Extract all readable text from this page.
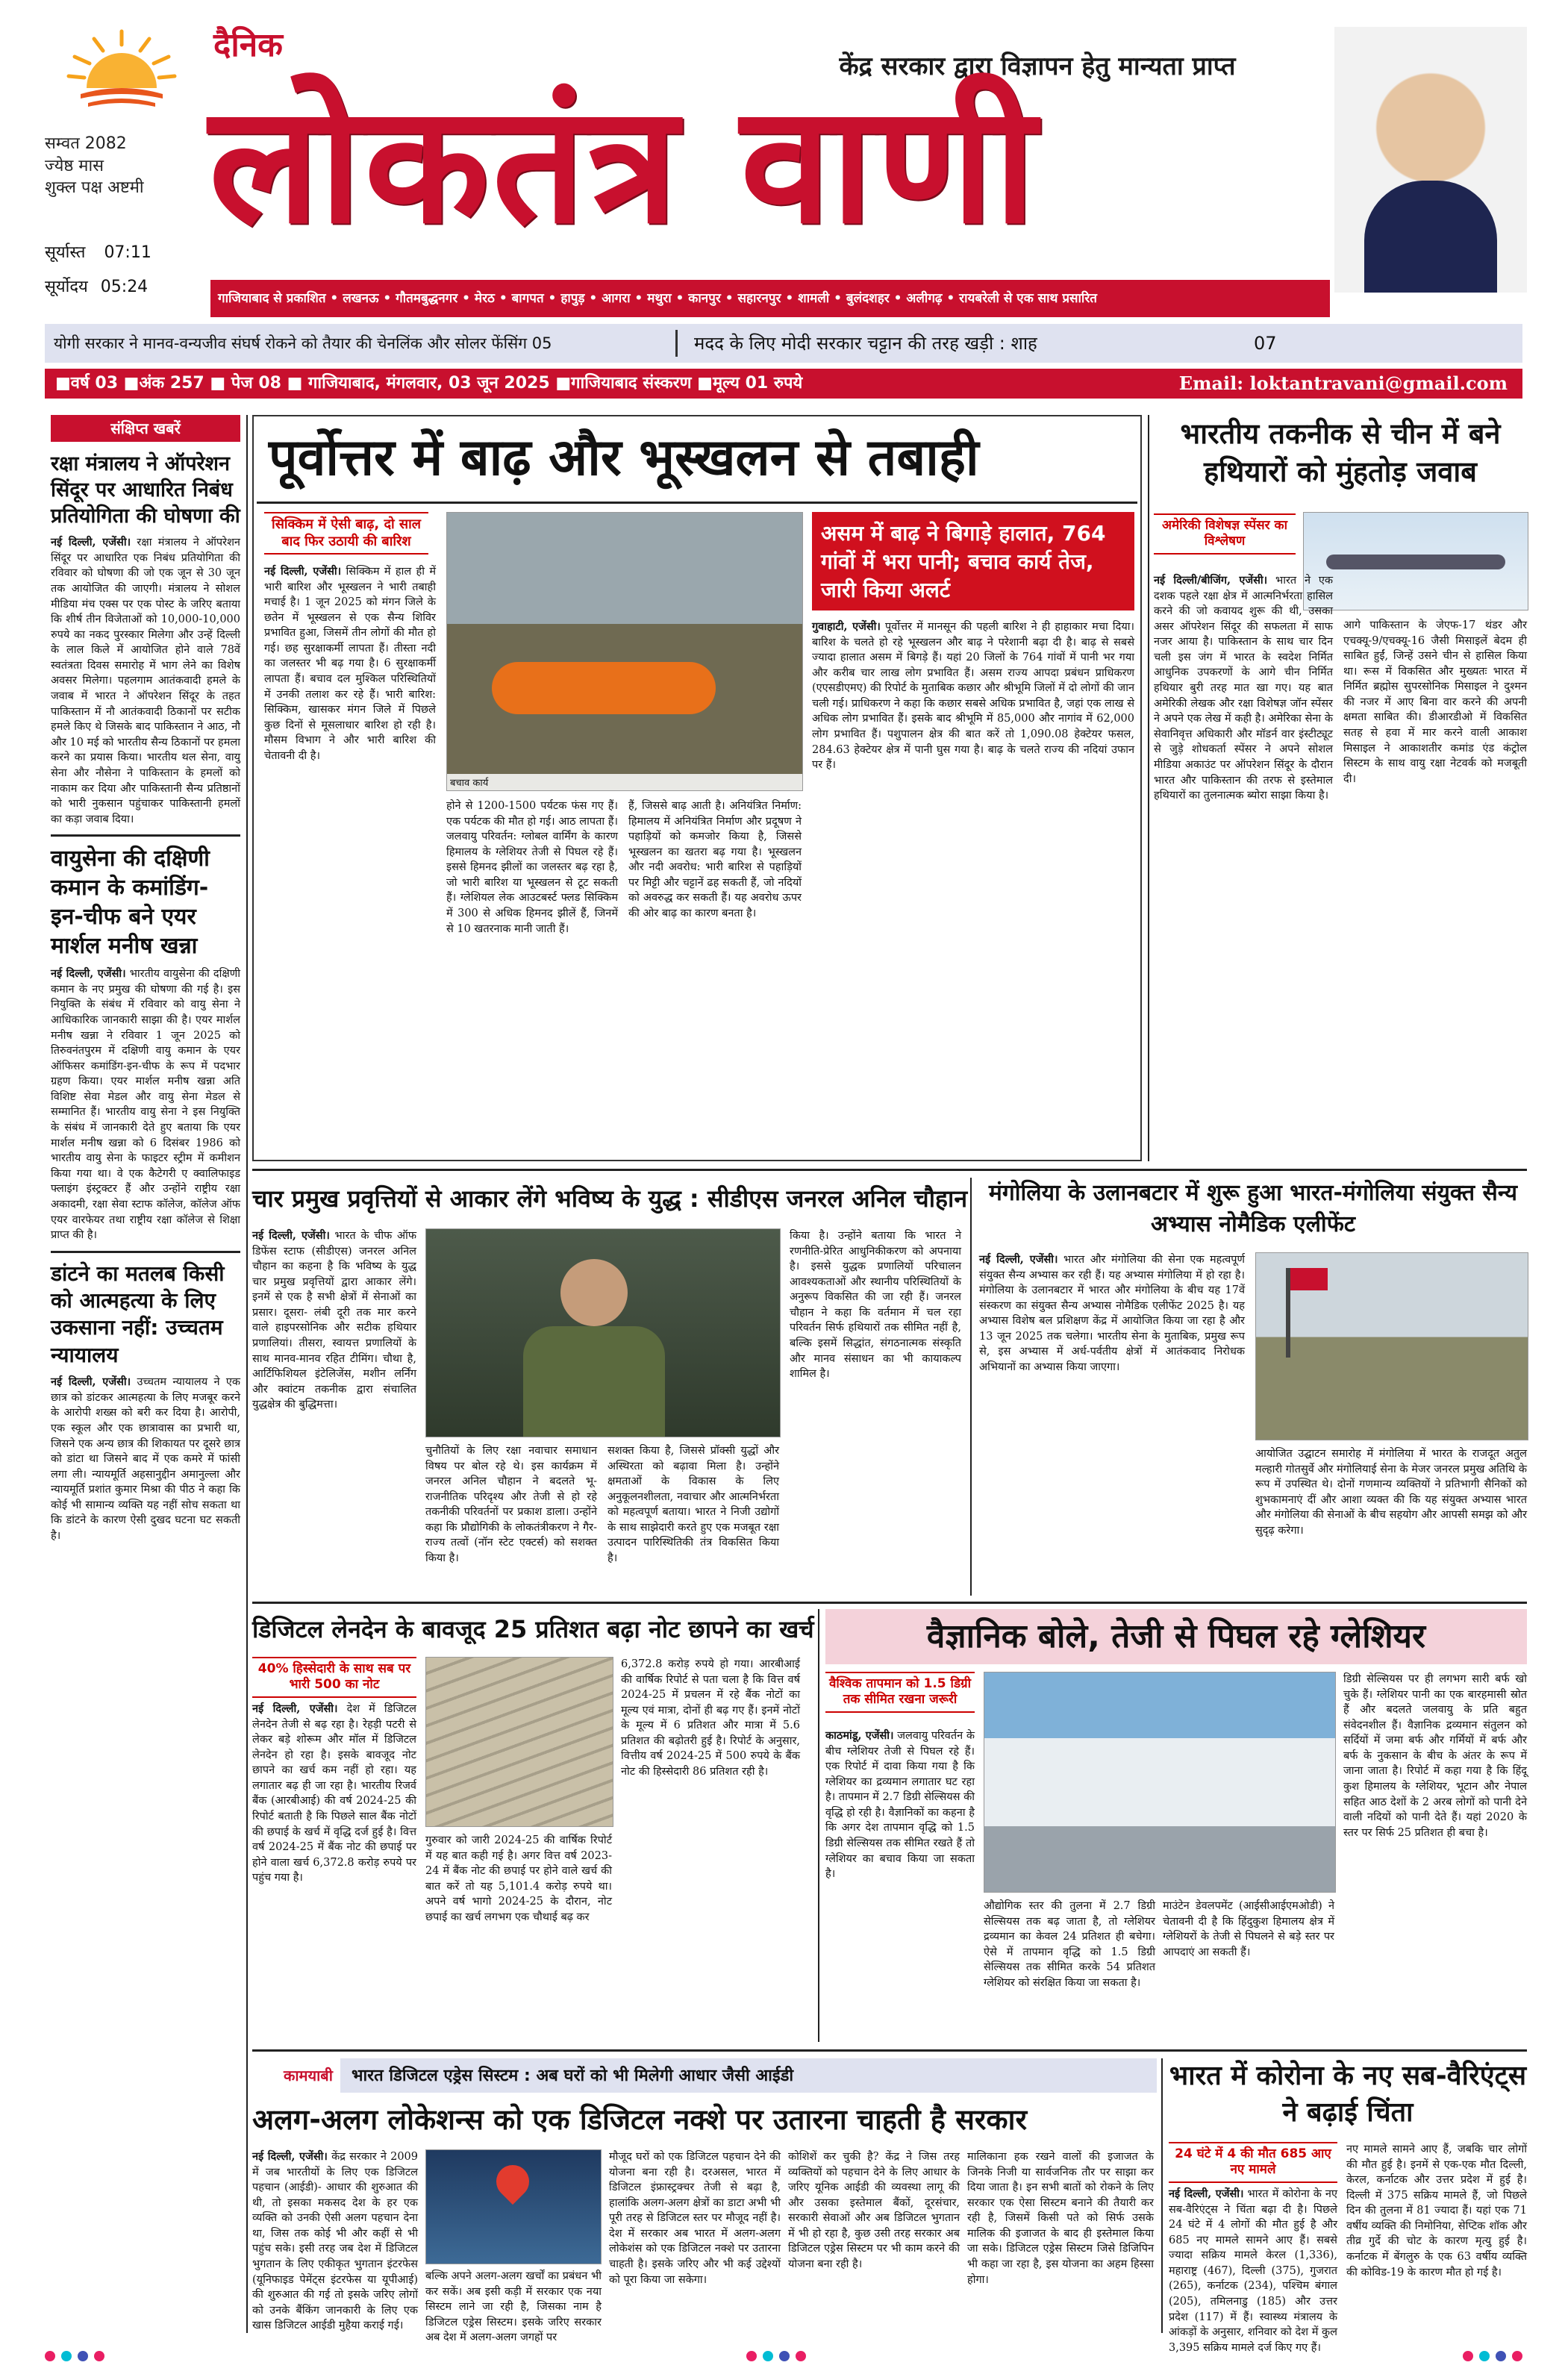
सम्वत 2082
ज्येष्ठ मास
शुक्ल पक्ष अष्टमी
सूर्यास्त 07:11
सूर्योदय 05:24
दैनिक
केंद्र सरकार द्वारा विज्ञापन हेतु मान्यता प्राप्त
लोकतंत्र वाणी
गाजियाबाद से प्रकाशित • लखनऊ • गौतमबुद्धनगर • मेरठ • बागपत • हापुड़ • आगरा • मथुरा • कानपुर • सहारनपुर • शामली • बुलंदशहर • अलीगढ़ • रायबरेली से एक साथ प्रसारित
योगी सरकार ने मानव-वन्यजीव संघर्ष रोकने को तैयार की चेनलिंक और सोलर फेंसिंग 05	मदद के लिए मोदी सरकार चट्टान की तरह खड़ी : शाह	07
■वर्ष 03 ■अंक 257 ■ पेज 08 ■ गाजियाबाद, मंगलवार, 03 जून 2025 ■गाजियाबाद संस्करण ■मूल्य 01 रुपये	Email: loktantravani@gmail.com
संक्षिप्त खबरें
रक्षा मंत्रालय ने ऑपरेशन सिंदूर पर आधारित निबंध प्रतियोगिता की घोषणा की
नई दिल्ली, एजेंसी। रक्षा मंत्रालय ने ऑपरेशन सिंदूर पर आधारित एक निबंध प्रतियोगिता की रविवार को घोषणा की जो एक जून से 30 जून तक आयोजित की जाएगी। मंत्रालय ने सोशल मीडिया मंच एक्स पर एक पोस्ट के जरिए बताया कि शीर्ष तीन विजेताओं को 10,000-10,000 रुपये का नकद पुरस्कार मिलेगा और उन्हें दिल्ली के लाल किले में आयोजित होने वाले 78वें स्वतंत्रता दिवस समारोह में भाग लेने का विशेष अवसर मिलेगा। पहलगाम आतंकवादी हमले के जवाब में भारत ने ऑपरेशन सिंदूर के तहत पाकिस्तान में नौ आतंकवादी ठिकानों पर सटीक हमले किए थे जिसके बाद पाकिस्तान ने आठ, नौ और 10 मई को भारतीय सैन्य ठिकानों पर हमला करने का प्रयास किया। भारतीय थल सेना, वायु सेना और नौसेना ने पाकिस्तान के हमलों को नाकाम कर दिया और पाकिस्तानी सैन्य प्रतिष्ठानों को भारी नुकसान पहुंचाकर पाकिस्तानी हमलों का कड़ा जवाब दिया।
वायुसेना की दक्षिणी कमान के कमांडिंग-इन-चीफ बने एयर मार्शल मनीष खन्ना
नई दिल्ली, एजेंसी। भारतीय वायुसेना की दक्षिणी कमान के नए प्रमुख की घोषणा की गई है। इस नियुक्ति के संबंध में रविवार को वायु सेना ने आधिकारिक जानकारी साझा की है। एयर मार्शल मनीष खन्ना ने रविवार 1 जून 2025 को तिरुवनंतपुरम में दक्षिणी वायु कमान के एयर ऑफिसर कमांडिंग-इन-चीफ के रूप में पदभार ग्रहण किया। एयर मार्शल मनीष खन्ना अति विशिष्ट सेवा मेडल और वायु सेना मेडल से सम्मानित हैं। भारतीय वायु सेना ने इस नियुक्ति के संबंध में जानकारी देते हुए बताया कि एयर मार्शल मनीष खन्ना को 6 दिसंबर 1986 को भारतीय वायु सेना के फाइटर स्ट्रीम में कमीशन किया गया था। वे एक कैटेगरी ए क्वालिफाइड फ्लाइंग इंस्ट्रक्टर हैं और उन्होंने राष्ट्रीय रक्षा अकादमी, रक्षा सेवा स्टाफ कॉलेज, कॉलेज ऑफ एयर वारफेयर तथा राष्ट्रीय रक्षा कॉलेज से शिक्षा प्राप्त की है।
डांटने का मतलब किसी को आत्महत्या के लिए उकसाना नहीं: उच्चतम न्यायालय
नई दिल्ली, एजेंसी। उच्चतम न्यायालय ने एक छात्र को डांटकर आत्महत्या के लिए मजबूर करने के आरोपी शख्स को बरी कर दिया है। आरोपी, एक स्कूल और एक छात्रावास का प्रभारी था, जिसने एक अन्य छात्र की शिकायत पर दूसरे छात्र को डांटा था जिसने बाद में एक कमरे में फांसी लगा ली। न्यायमूर्ति अहसानुद्दीन अमानुल्ला और न्यायमूर्ति प्रशांत कुमार मिश्रा की पीठ ने कहा कि कोई भी सामान्य व्यक्ति यह नहीं सोच सकता था कि डांटने के कारण ऐसी दुखद घटना घट सकती है।
पूर्वोत्तर में बाढ़ और भूस्खलन से तबाही
सिक्किम में ऐसी बाढ़, दो साल बाद फिर उठायी की बारिश
नई दिल्ली, एजेंसी। सिक्किम में हाल ही में भारी बारिश और भूस्खलन ने भारी तबाही मचाई है। 1 जून 2025 को मंगन जिले के छतेन में भूस्खलन से एक सैन्य शिविर प्रभावित हुआ, जिसमें तीन लोगों की मौत हो गई। छह सुरक्षाकर्मी लापता हैं। तीस्ता नदी का जलस्तर भी बढ़ गया है। 6 सुरक्षाकर्मी लापता हैं। बचाव दल मुश्किल परिस्थितियों में उनकी तलाश कर रहे हैं। भारी बारिश: सिक्किम, खासकर मंगन जिले में पिछले कुछ दिनों से मूसलाधार बारिश हो रही है। मौसम विभाग ने और भारी बारिश की चेतावनी दी है।
बचाव कार्य
होने से 1200-1500 पर्यटक फंस गए हैं। एक पर्यटक की मौत हो गई। आठ लापता हैं। जलवायु परिवर्तन: ग्लोबल वार्मिंग के कारण हिमालय के ग्लेशियर तेजी से पिघल रहे हैं। इससे हिमनद झीलों का जलस्तर बढ़ रहा है, जो भारी बारिश या भूस्खलन से टूट सकती हैं। ग्लेशियल लेक आउटबर्स्ट फ्लड सिक्किम में 300 से अधिक हिमनद झीलें हैं, जिनमें से 10 खतरनाक मानी जाती हैं।
हैं, जिससे बाढ़ आती है। अनियंत्रित निर्माण: हिमालय में अनियंत्रित निर्माण और प्रदूषण ने पहाड़ियों को कमजोर किया है, जिससे भूस्खलन का खतरा बढ़ गया है। भूस्खलन और नदी अवरोध: भारी बारिश से पहाड़ियों पर मिट्टी और चट्टानें ढह सकती हैं, जो नदियों को अवरुद्ध कर सकती हैं। यह अवरोध ऊपर की ओर बाढ़ का कारण बनता है।
असम में बाढ़ ने बिगाड़े हालात, 764 गांवों में भरा पानी; बचाव कार्य तेज, जारी किया अलर्ट
गुवाहाटी, एजेंसी। पूर्वोत्तर में मानसून की पहली बारिश ने ही हाहाकार मचा दिया। बारिश के चलते हो रहे भूस्खलन और बाढ़ ने परेशानी बढ़ा दी है। बाढ़ से सबसे ज्यादा हालात असम में बिगड़े हैं। यहां 20 जिलों के 764 गांवों में पानी भर गया और करीब चार लाख लोग प्रभावित हैं। असम राज्य आपदा प्रबंधन प्राधिकरण (एएसडीएमए) की रिपोर्ट के मुताबिक कछार और श्रीभूमि जिलों में दो लोगों की जान चली गई। प्राधिकरण ने कहा कि कछार सबसे अधिक प्रभावित है, जहां एक लाख से अधिक लोग प्रभावित हैं। इसके बाद श्रीभूमि में 85,000 और नागांव में 62,000 लोग प्रभावित हैं। पशुपालन क्षेत्र की बात करें तो 1,090.08 हेक्टेयर फसल, 284.63 हेक्टेयर क्षेत्र में पानी घुस गया है। बाढ़ के चलते राज्य की नदियां उफान पर हैं।
भारतीय तकनीक से चीन में बने हथियारों को मुंहतोड़ जवाब
अमेरिकी विशेषज्ञ स्पेंसर का विश्लेषण
नई दिल्ली/बीजिंग, एजेंसी। भारत ने एक दशक पहले रक्षा क्षेत्र में आत्मनिर्भरता हासिल करने की जो कवायद शुरू की थी, उसका असर ऑपरेशन सिंदूर की सफलता में साफ नजर आया है। पाकिस्तान के साथ चार दिन चली इस जंग में भारत के स्वदेश निर्मित आधुनिक उपकरणों के आगे चीन निर्मित हथियार बुरी तरह मात खा गए। यह बात अमेरिकी लेखक और रक्षा विशेषज्ञ जॉन स्पेंसर ने अपने एक लेख में कही है। अमेरिका सेना के सेवानिवृत्त अधिकारी और मॉडर्न वार इंस्टीट्यूट से जुड़े शोधकर्ता स्पेंसर ने अपने सोशल मीडिया अकाउंट पर ऑपरेशन सिंदूर के दौरान भारत और पाकिस्तान की तरफ से इस्तेमाल हथियारों का तुलनात्मक ब्योरा साझा किया है।
आगे पाकिस्तान के जेएफ-17 थंडर और एचक्यू-9/एचक्यू-16 जैसी मिसाइलें बेदम ही साबित हुईं, जिन्हें उसने चीन से हासिल किया था। रूस में विकसित और मुख्यतः भारत में निर्मित ब्रह्मोस सुपरसोनिक मिसाइल ने दुश्मन की नजर में आए बिना वार करने की अपनी क्षमता साबित की। डीआरडीओ में विकसित सतह से हवा में मार करने वाली आकाश मिसाइल ने आकाशतीर कमांड एंड कंट्रोल सिस्टम के साथ वायु रक्षा नेटवर्क को मजबूती दी।
चार प्रमुख प्रवृत्तियों से आकार लेंगे भविष्य के युद्ध : सीडीएस जनरल अनिल चौहान
नई दिल्ली, एजेंसी। भारत के चीफ ऑफ डिफेंस स्टाफ (सीडीएस) जनरल अनिल चौहान का कहना है कि भविष्य के युद्ध चार प्रमुख प्रवृत्तियों द्वारा आकार लेंगे। इनमें से एक है सभी क्षेत्रों में सेनाओं का प्रसार। दूसरा- लंबी दूरी तक मार करने वाले हाइपरसोनिक और सटीक हथियार प्रणालियां। तीसरा, स्वायत्त प्रणालियों के साथ मानव-मानव रहित टीमिंग। चौथा है, आर्टिफिशियल इंटेलिजेंस, मशीन लर्निंग और क्वांटम तकनीक द्वारा संचालित युद्धक्षेत्र की बुद्धिमत्ता।
चुनौतियों के लिए रक्षा नवाचार समाधान विषय पर बोल रहे थे। इस कार्यक्रम में जनरल अनिल चौहान ने बदलते भू-राजनीतिक परिदृश्य और तेजी से हो रहे तकनीकी परिवर्तनों पर प्रकाश डाला। उन्होंने कहा कि प्रौद्योगिकी के लोकतंत्रीकरण ने गैर-राज्य तत्वों (नॉन स्टेट एक्टर्स) को सशक्त किया है।
सशक्त किया है, जिससे प्रॉक्सी युद्धों और अस्थिरता को बढ़ावा मिला है। उन्होंने क्षमताओं के विकास के लिए अनुकूलनशीलता, नवाचार और आत्मनिर्भरता को महत्वपूर्ण बताया। भारत ने निजी उद्योगों के साथ साझेदारी करते हुए एक मजबूत रक्षा उत्पादन पारिस्थितिकी तंत्र विकसित किया है।
किया है। उन्होंने बताया कि भारत ने रणनीति-प्रेरित आधुनिकीकरण को अपनाया है। इससे युद्धक प्रणालियों परिचालन आवश्यकताओं और स्थानीय परिस्थितियों के अनुरूप विकसित की जा रही हैं। जनरल चौहान ने कहा कि वर्तमान में चल रहा परिवर्तन सिर्फ हथियारों तक सीमित नहीं है, बल्कि इसमें सिद्धांत, संगठनात्मक संस्कृति और मानव संसाधन का भी कायाकल्प शामिल है।
मंगोलिया के उलानबटार में शुरू हुआ भारत-मंगोलिया संयुक्त सैन्य अभ्यास नोमैडिक एलीफेंट
नई दिल्ली, एजेंसी। भारत और मंगोलिया की सेना एक महत्वपूर्ण संयुक्त सैन्य अभ्यास कर रही हैं। यह अभ्यास मंगोलिया में हो रहा है। मंगोलिया के उलानबटार में भारत और मंगोलिया के बीच यह 17वें संस्करण का संयुक्त सैन्य अभ्यास नोमैडिक एलीफेंट 2025 है। यह अभ्यास विशेष बल प्रशिक्षण केंद्र में आयोजित किया जा रहा है और 13 जून 2025 तक चलेगा। भारतीय सेना के मुताबिक, प्रमुख रूप से, इस अभ्यास में अर्ध-पर्वतीय क्षेत्रों में आतंकवाद निरोधक अभियानों का अभ्यास किया जाएगा।
आयोजित उद्घाटन समारोह में मंगोलिया में भारत के राजदूत अतुल मल्हारी गोतसुर्वे और मंगोलियाई सेना के मेजर जनरल प्रमुख अतिथि के रूप में उपस्थित थे। दोनों गणमान्य व्यक्तियों ने प्रतिभागी सैनिकों को शुभकामनाएं दीं और आशा व्यक्त की कि यह संयुक्त अभ्यास भारत और मंगोलिया की सेनाओं के बीच सहयोग और आपसी समझ को और सुदृढ़ करेगा।
डिजिटल लेनदेन के बावजूद 25 प्रतिशत बढ़ा नोट छापने का खर्च
40% हिस्सेदारी के साथ सब पर भारी 500 का नोट
नई दिल्ली, एजेंसी। देश में डिजिटल लेनदेन तेजी से बढ़ रहा है। रेहड़ी पटरी से लेकर बड़े शोरूम और मॉल में डिजिटल लेनदेन हो रहा है। इसके बावजूद नोट छापने का खर्च कम नहीं हो रहा। यह लगातार बढ़ ही जा रहा है। भारतीय रिजर्व बैंक (आरबीआई) की वर्ष 2024-25 की रिपोर्ट बताती है कि पिछले साल बैंक नोटों की छपाई के खर्च में वृद्धि दर्ज हुई है। वित्त वर्ष 2024-25 में बैंक नोट की छपाई पर होने वाला खर्च 6,372.8 करोड़ रुपये पर पहुंच गया है।
गुरुवार को जारी 2024-25 की वार्षिक रिपोर्ट में यह बात कही गई है। अगर वित्त वर्ष 2023-24 में बैंक नोट की छपाई पर होने वाले खर्च की बात करें तो यह 5,101.4 करोड़ रुपये था। अपने वर्ष भागो 2024-25 के दौरान, नोट छपाई का खर्च लगभग एक चौथाई बढ़ कर
6,372.8 करोड़ रुपये हो गया। आरबीआई की वार्षिक रिपोर्ट से पता चला है कि वित्त वर्ष 2024-25 में प्रचलन में रहे बैंक नोटों का मूल्य एवं मात्रा, दोनों ही बढ़ गए हैं। इनमें नोटों के मूल्य में 6 प्रतिशत और मात्रा में 5.6 प्रतिशत की बढ़ोतरी हुई है। रिपोर्ट के अनुसार, वित्तीय वर्ष 2024-25 में 500 रुपये के बैंक नोट की हिस्सेदारी 86 प्रतिशत रही है।
वैज्ञानिक बोले, तेजी से पिघल रहे ग्लेशियर
वैश्विक तापमान को 1.5 डिग्री तक सीमित रखना जरूरी
काठमांडू, एजेंसी। जलवायु परिवर्तन के बीच ग्लेशियर तेजी से पिघल रहे हैं। एक रिपोर्ट में दावा किया गया है कि ग्लेशियर का द्रव्यमान लगातार घट रहा है। तापमान में 2.7 डिग्री सेल्सियस की वृद्धि हो रही है। वैज्ञानिकों का कहना है कि अगर देश तापमान वृद्धि को 1.5 डिग्री सेल्सियस तक सीमित रखते हैं तो ग्लेशियर का बचाव किया जा सकता है।
औद्योगिक स्तर की तुलना में 2.7 डिग्री सेल्सियस तक बढ़ जाता है, तो ग्लेशियर द्रव्यमान का केवल 24 प्रतिशत ही बचेगा। ऐसे में तापमान वृद्धि को 1.5 डिग्री सेल्सियस तक सीमित करके 54 प्रतिशत ग्लेशियर को संरक्षित किया जा सकता है।
माउंटेन डेवलपमेंट (आईसीआईएमओडी) ने चेतावनी दी है कि हिंदुकुश हिमालय क्षेत्र में ग्लेशियरों के तेजी से पिघलने से बड़े स्तर पर आपदाएं आ सकती हैं।
डिग्री सेल्सियस पर ही लगभग सारी बर्फ खो चुके हैं। ग्लेशियर पानी का एक बारहमासी स्रोत हैं और बदलते जलवायु के प्रति बहुत संवेदनशील हैं। वैज्ञानिक द्रव्यमान संतुलन को सर्दियों में जमा बर्फ और गर्मियों में बर्फ और बर्फ के नुकसान के बीच के अंतर के रूप में जाना जाता है। रिपोर्ट में कहा गया है कि हिंदू कुश हिमालय के ग्लेशियर, भूटान और नेपाल सहित आठ देशों के 2 अरब लोगों को पानी देने वाली नदियों को पानी देते हैं। यहां 2020 के स्तर पर सिर्फ 25 प्रतिशत ही बचा है।
कामयाबी भारत डिजिटल एड्रेस सिस्टम : अब घरों को भी मिलेगी आधार जैसी आईडी
अलग-अलग लोकेशन्स को एक डिजिटल नक्शे पर उतारना चाहती है सरकार
नई दिल्ली, एजेंसी। केंद्र सरकार ने 2009 में जब भारतीयों के लिए एक डिजिटल पहचान (आईडी)- आधार की शुरुआत की थी, तो इसका मकसद देश के हर एक व्यक्ति को उनकी ऐसी अलग पहचान देना था, जिस तक कोई भी और कहीं से भी पहुंच सके। इसी तरह जब देश में डिजिटल भुगतान के लिए एकीकृत भुगतान इंटरफेस (यूनिफाइड पेमेंट्स इंटरफेस या यूपीआई) की शुरुआत की गई तो इसके जरिए लोगों को उनके बैंकिंग जानकारी के लिए एक खास डिजिटल आईडी मुहैया कराई गई।
बल्कि अपने अलग-अलग खर्चों का प्रबंधन भी कर सकें। अब इसी कड़ी में सरकार एक नया सिस्टम लाने जा रही है, जिसका नाम है डिजिटल एड्रेस सिस्टम। इसके जरिए सरकार अब देश में अलग-अलग जगहों पर
मौजूद घरों को एक डिजिटल पहचान देने की योजना बना रही है। दरअसल, भारत में डिजिटल इंफ्रास्ट्रक्चर तेजी से बढ़ा है, हालांकि अलग-अलग क्षेत्रों का डाटा अभी भी पूरी तरह से डिजिटल स्तर पर मौजूद नहीं है। देश में सरकार अब भारत में अलग-अलग लोकेशंस को एक डिजिटल नक्शे पर उतारना चाहती है। इसके जरिए और भी कई उद्देश्यों को पूरा किया जा सकेगा।
कोशिशें कर चुकी है? केंद्र ने जिस तरह व्यक्तियों को पहचान देने के लिए आधार के जरिए यूनिक आईडी की व्यवस्था लागू की और उसका इस्तेमाल बैंकों, दूरसंचार, सरकारी सेवाओं और अब डिजिटल भुगतान में भी हो रहा है, कुछ उसी तरह सरकार अब डिजिटल एड्रेस सिस्टम पर भी काम करने की योजना बना रही है।
मालिकाना हक रखने वालों की इजाजत के जिनके निजी या सार्वजनिक तौर पर साझा कर दिया जाता है। इन सभी बातों को रोकने के लिए सरकार एक ऐसा सिस्टम बनाने की तैयारी कर रही है, जिसमें किसी पते को सिर्फ उसके मालिक की इजाजत के बाद ही इस्तेमाल किया जा सके। डिजिटल एड्रेस सिस्टम जिसे डिजिपिन भी कहा जा रहा है, इस योजना का अहम हिस्सा होगा।
भारत में कोरोना के नए सब-वैरिएंट्स ने बढ़ाई चिंता
24 घंटे में 4 की मौत 685 आए नए मामले
नई दिल्ली, एजेंसी। भारत में कोरोना के नए सब-वैरिएंट्स ने चिंता बढ़ा दी है। पिछले 24 घंटे में 4 लोगों की मौत हुई है और 685 नए मामले सामने आए हैं। सबसे ज्यादा सक्रिय मामले केरल (1,336), महाराष्ट्र (467), दिल्ली (375), गुजरात (265), कर्नाटक (234), पश्चिम बंगाल (205), तमिलनाडु (185) और उत्तर प्रदेश (117) में हैं। स्वास्थ्य मंत्रालय के आंकड़ों के अनुसार, शनिवार को देश में कुल 3,395 सक्रिय मामले दर्ज किए गए हैं।
नए मामले सामने आए हैं, जबकि चार लोगों की मौत हुई है। इनमें से एक-एक मौत दिल्ली, केरल, कर्नाटक और उत्तर प्रदेश में हुई है। दिल्ली में 375 सक्रिय मामले हैं, जो पिछले दिन की तुलना में 81 ज्यादा हैं। यहां एक 71 वर्षीय व्यक्ति की निमोनिया, सेप्टिक शॉक और तीव्र गुर्दे की चोट के कारण मृत्यु हुई है। कर्नाटक में बेंगलुरु के एक 63 वर्षीय व्यक्ति की कोविड-19 के कारण मौत हो गई है।
